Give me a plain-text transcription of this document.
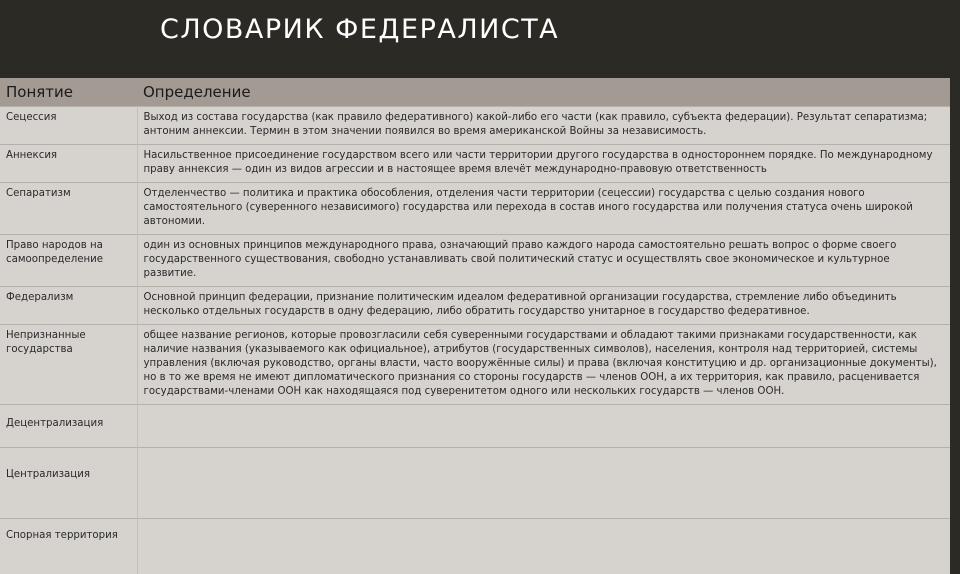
СЛОВАРИК ФЕДЕРАЛИСТА
Понятие	Определение
Сецессия	Выход из состава государства (как правило федеративного) какой-либо его части (как правило, субъекта федерации). Результат сепаратизма; антоним аннексии. Термин в этом значении появился во время американской Войны за независимость.
Аннексия	Насильственное присоединение государством всего или части территории другого государства в одностороннем порядке. По международному праву аннексия — один из видов агрессии и в настоящее время влечёт международно-правовую ответственность
Сепаратизм	Отделенчество — политика и практика обособления, отделения части территории (сецессии) государства с целью создания нового самостоятельного (суверенного независимого) государства или перехода в состав иного государства или получения статуса очень широкой автономии.
Право народов на самоопределение	один из основных принципов международного права, означающий право каждого народа самостоятельно решать вопрос о форме своего государственного существования, свободно устанавливать свой политический статус и осуществлять свое экономическое и культурное развитие.
Федерализм	Основной принцип федерации, признание политическим идеалом федеративной организации государства, стремление либо объединить несколько отдельных государств в одну федерацию, либо обратить государство унитарное в государство федеративное.
Непризнанные государства	общее название регионов, которые провозгласили себя суверенными государствами и обладают такими признаками государственности, как наличие названия (указываемого как официальное), атрибутов (государственных символов), населения, контроля над территорией, системы управления (включая руководство, органы власти, часто вооружённые силы) и права (включая конституцию и др. организационные документы), но в то же время не имеют дипломатического признания со стороны государств — членов ООН, а их территория, как правило, расценивается государствами-членами ООН как находящаяся под суверенитетом одного или нескольких государств — членов ООН.
Децентрализация	
Централизация	
Спорная территория	
